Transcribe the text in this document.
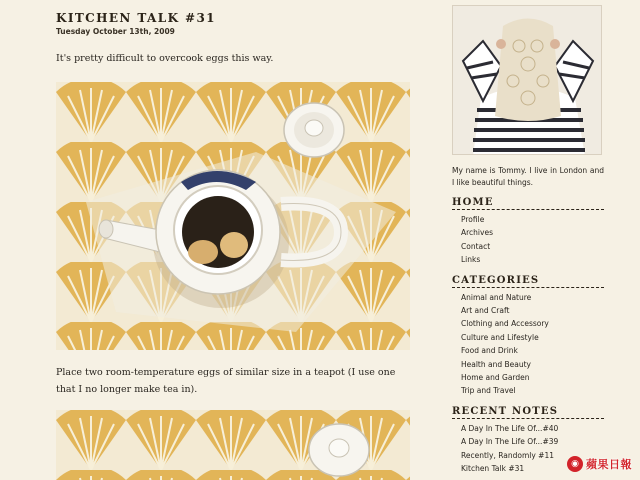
KITCHEN TALK #31
Tuesday October 13th, 2009

It's pretty difficult to overcook eggs this way.

Place two room-temperature eggs of similar size in a teapot (I use one that I no longer make tea in).

My name is Tommy. I live in London and I like beautiful things.

HOME
Profile
Archives
Contact
Links
CATEGORIES
Animal and Nature
Art and Craft
Clothing and Accessory
Culture and Lifestyle
Food and Drink
Health and Beauty
Home and Garden
Trip and Travel
RECENT NOTES
A Day In The Life Of...#40
A Day In The Life Of...#39
Recently, Randomly #11
Kitchen Talk #31	◉ 蘋果日報
